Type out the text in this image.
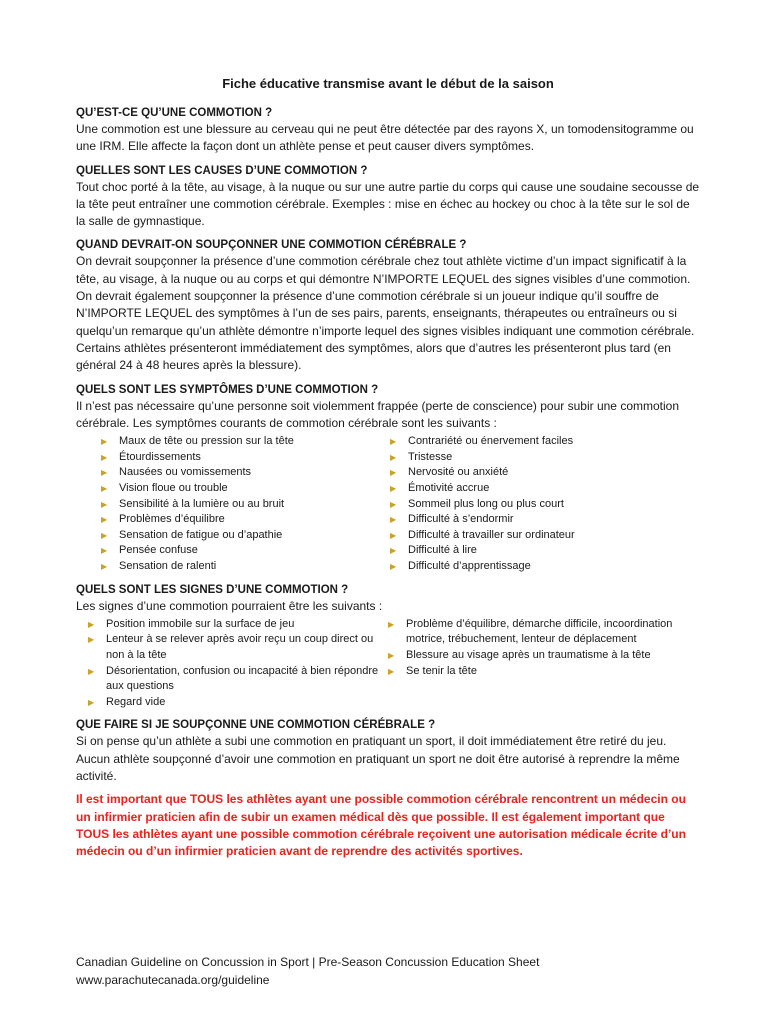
Fiche éducative transmise avant le début de la saison

QU’EST-CE QU’UNE COMMOTION ?

Une commotion est une blessure au cerveau qui ne peut être détectée par des rayons X, un tomodensitogramme ou une IRM. Elle affecte la façon dont un athlète pense et peut causer divers symptômes.

QUELLES SONT LES CAUSES D’UNE COMMOTION ?

Tout choc porté à la tête, au visage, à la nuque ou sur une autre partie du corps qui cause une soudaine secousse de la tête peut entraîner une commotion cérébrale. Exemples : mise en échec au hockey ou choc à la tête sur le sol de la salle de gymnastique.

QUAND DEVRAIT-ON SOUPÇONNER UNE COMMOTION CÉRÉBRALE ?

On devrait soupçonner la présence d’une commotion cérébrale chez tout athlète victime d’un impact significatif à la tête, au visage, à la nuque ou au corps et qui démontre N’IMPORTE LEQUEL des signes visibles d’une commotion. On devrait également soupçonner la présence d’une commotion cérébrale si un joueur indique qu’il souffre de N’IMPORTE LEQUEL des symptômes à l’un de ses pairs, parents, enseignants, thérapeutes ou entraîneurs ou si quelqu’un remarque qu’un athlète démontre n’importe lequel des signes visibles indiquant une commotion cérébrale. Certains athlètes présenteront immédiatement des symptômes, alors que d’autres les présenteront plus tard (en général 24 à 48 heures après la blessure).

QUELS SONT LES SYMPTÔMES D’UNE COMMOTION ?

Il n’est pas nécessaire qu’une personne soit violemment frappée (perte de conscience) pour subir une commotion cérébrale. Les symptômes courants de commotion cérébrale sont les suivants :

▶ Maux de tête ou pression sur la tête
▶ Étourdissements
▶ Nausées ou vomissements
▶ Vision floue ou trouble
▶ Sensibilité à la lumière ou au bruit
▶ Problèmes d’équilibre
▶ Sensation de fatigue ou d’apathie
▶ Pensée confuse
▶ Sensation de ralenti
▶ Contrariété ou énervement faciles
▶ Tristesse
▶ Nervosité ou anxiété
▶ Émotivité accrue
▶ Sommeil plus long ou plus court
▶ Difficulté à s’endormir
▶ Difficulté à travailler sur ordinateur
▶ Difficulté à lire
▶ Difficulté d’apprentissage

QUELS SONT LES SIGNES D’UNE COMMOTION ?

Les signes d’une commotion pourraient être les suivants :

▶ Position immobile sur la surface de jeu
▶ Lenteur à se relever après avoir reçu un coup direct ou non à la tête
▶ Désorientation, confusion ou incapacité à bien répondre aux questions
▶ Regard vide
▶ Problème d’équilibre, démarche difficile, incoordination motrice, trébuchement, lenteur de déplacement
▶ Blessure au visage après un traumatisme à la tête
▶ Se tenir la tête

QUE FAIRE SI JE SOUPÇONNE UNE COMMOTION CÉRÉBRALE ?

Si on pense qu’un athlète a subi une commotion en pratiquant un sport, il doit immédiatement être retiré du jeu. Aucun athlète soupçonné d’avoir une commotion en pratiquant un sport ne doit être autorisé à reprendre la même activité.

Il est important que TOUS les athlètes ayant une possible commotion cérébrale rencontrent un médecin ou un infirmier praticien afin de subir un examen médical dès que possible. Il est également important que TOUS les athlètes ayant une possible commotion cérébrale reçoivent une autorisation médicale écrite d’un médecin ou d’un infirmier praticien avant de reprendre des activités sportives.

Canadian Guideline on Concussion in Sport | Pre-Season Concussion Education Sheet
www.parachutecanada.org/guideline
